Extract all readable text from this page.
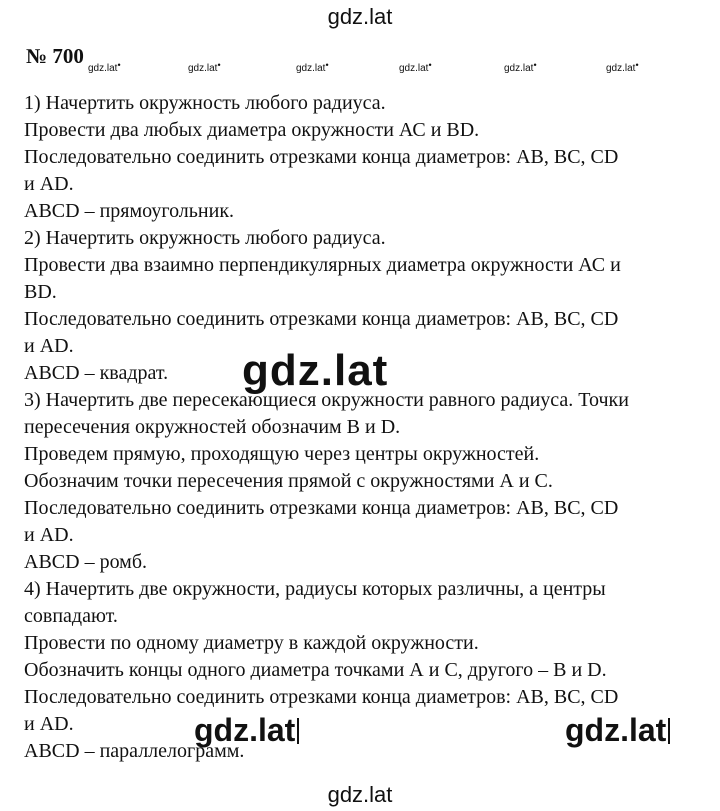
gdz.lat
№ 700
gdz.lat•	gdz.lat•	gdz.lat•	gdz.lat•	gdz.lat•	gdz.lat•
1) Начертить окружность любого радиуса.
Провести два любых диаметра окружности АС и BD.
Последовательно соединить отрезками конца диаметров: АВ, ВС, CD
и AD.
ABCD – прямоугольник.
2) Начертить окружность любого радиуса.
Провести два взаимно перпендикулярных диаметра окружности АС и
BD.
Последовательно соединить отрезками конца диаметров: АВ, ВС, CD
и AD.
ABCD – квадрат.
3) Начертить две пересекающиеся окружности равного радиуса. Точки
пересечения окружностей обозначим В и D.
Проведем прямую, проходящую через центры окружностей.
Обозначим точки пересечения прямой с окружностями А и С.
Последовательно соединить отрезками конца диаметров: АВ, ВС, CD
и AD.
ABCD – ромб.
4) Начертить две окружности, радиусы которых различны, а центры
совпадают.
Провести по одному диаметру в каждой окружности.
Обозначить концы одного диаметра точками А и С, другого – В и D.
Последовательно соединить отрезками конца диаметров: АВ, ВС, CD
и AD.
ABCD – параллелограмм.
gdz.lat
gdz.lat	gdz.lat
gdz.lat
